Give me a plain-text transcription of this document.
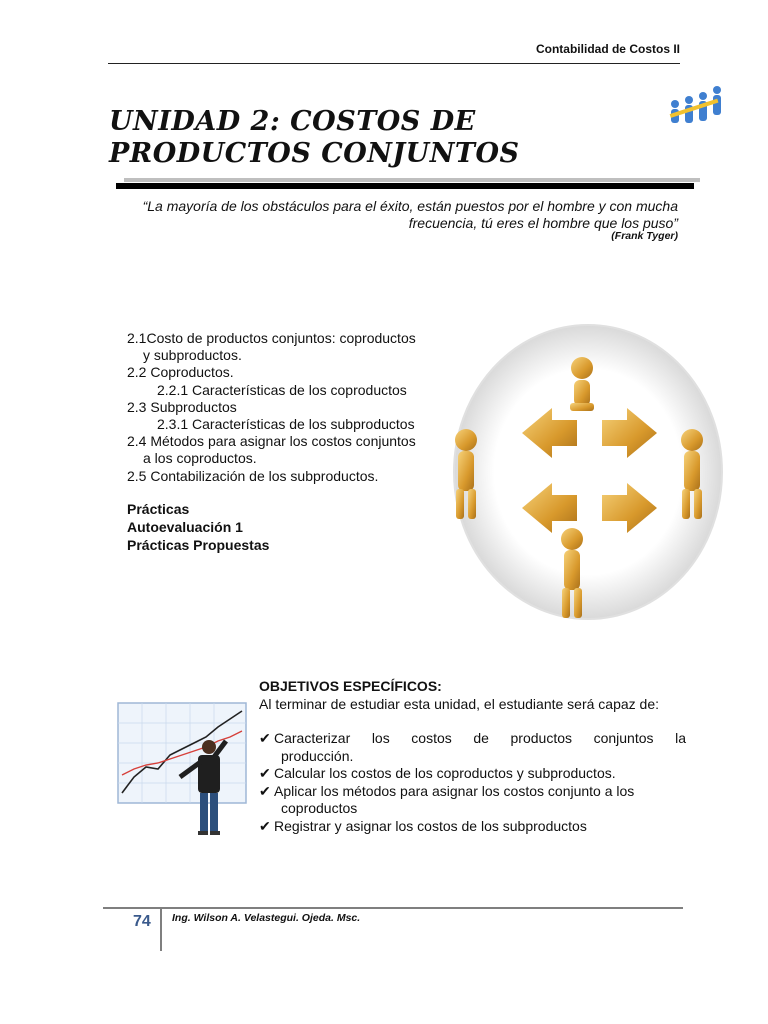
Contabilidad de Costos II
UNIDAD 2: COSTOS DE PRODUCTOS CONJUNTOS
“La mayoría de los obstáculos para el éxito, están puestos por el hombre y con mucha frecuencia, tú eres el hombre que los puso”
(Frank Tyger)
2.1Costo de productos conjuntos: coproductos
y subproductos.
2.2 Coproductos.
2.2.1 Características de los coproductos
2.3 Subproductos
2.3.1 Características de los subproductos
2.4 Métodos para asignar los costos conjuntos
a los coproductos.
2.5 Contabilización de los subproductos.
Prácticas
Autoevaluación 1
Prácticas Propuestas
OBJETIVOS ESPECÍFICOS:
Al terminar de estudiar esta unidad, el estudiante será capaz de:
✔ Caracterizar los costos de productos conjuntos la
producción.
✔ Calcular los costos de los coproductos y subproductos.
✔ Aplicar los métodos para asignar los costos conjunto a los
coproductos
✔ Registrar y asignar los costos de los subproductos
74 Ing. Wilson A. Velastegui. Ojeda. Msc.
